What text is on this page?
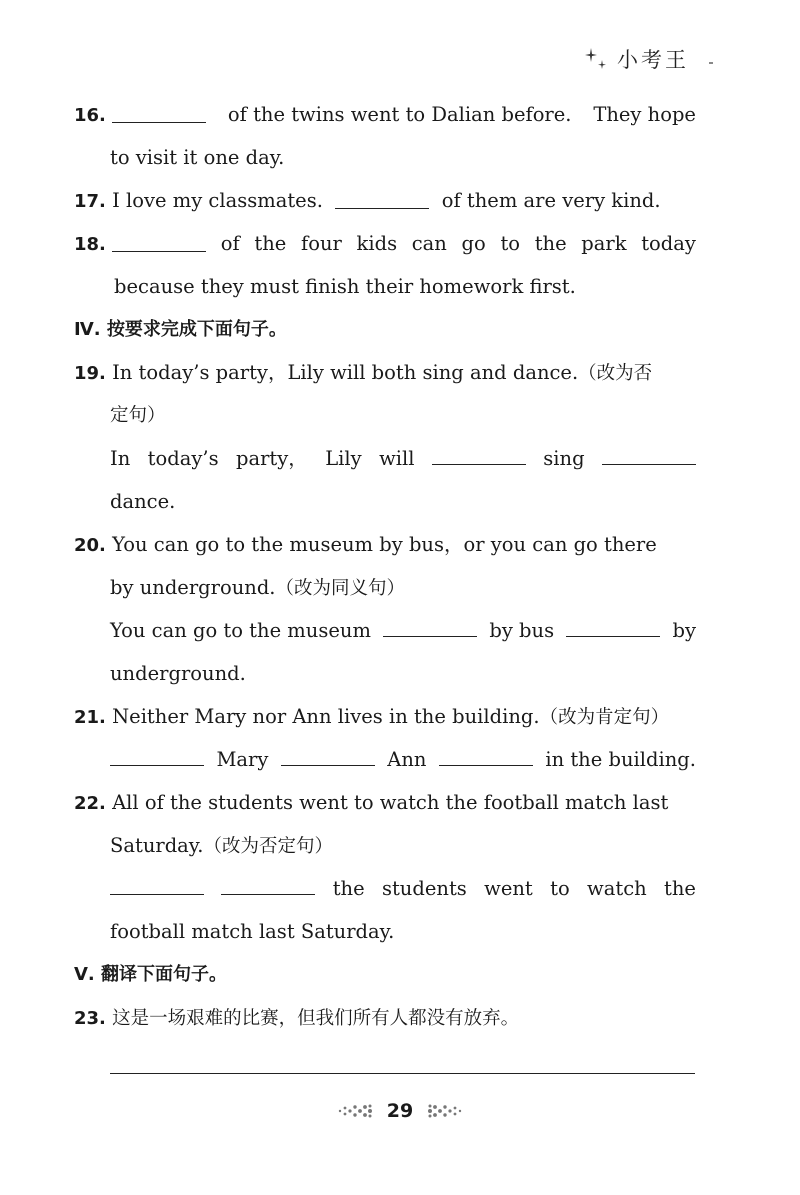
小考王
16.	of the twins went to Dalian before. They hope
to visit it one day.
17. I love my classmates.	of them are very kind.
18.	of the four kids can go to the park today
because they must finish their homework first.
Ⅳ. 按要求完成下面句子。
19. In today’s party，Lily will both sing and dance.（改为否
定句）
In today’s party， Lily will	sing
dance.
20. You can go to the museum by bus，or you can go there
by underground.（改为同义句）
You can go to the museum	by bus	by
underground.
21. Neither Mary nor Ann lives in the building.（改为肯定句）
Mary	Ann	in the building.
22. All of the students went to watch the football match last
Saturday.（改为否定句）
the students went to watch the
football match last Saturday.
Ⅴ. 翻译下面句子。
23. 这是一场艰难的比赛，但我们所有人都没有放弃。
29
